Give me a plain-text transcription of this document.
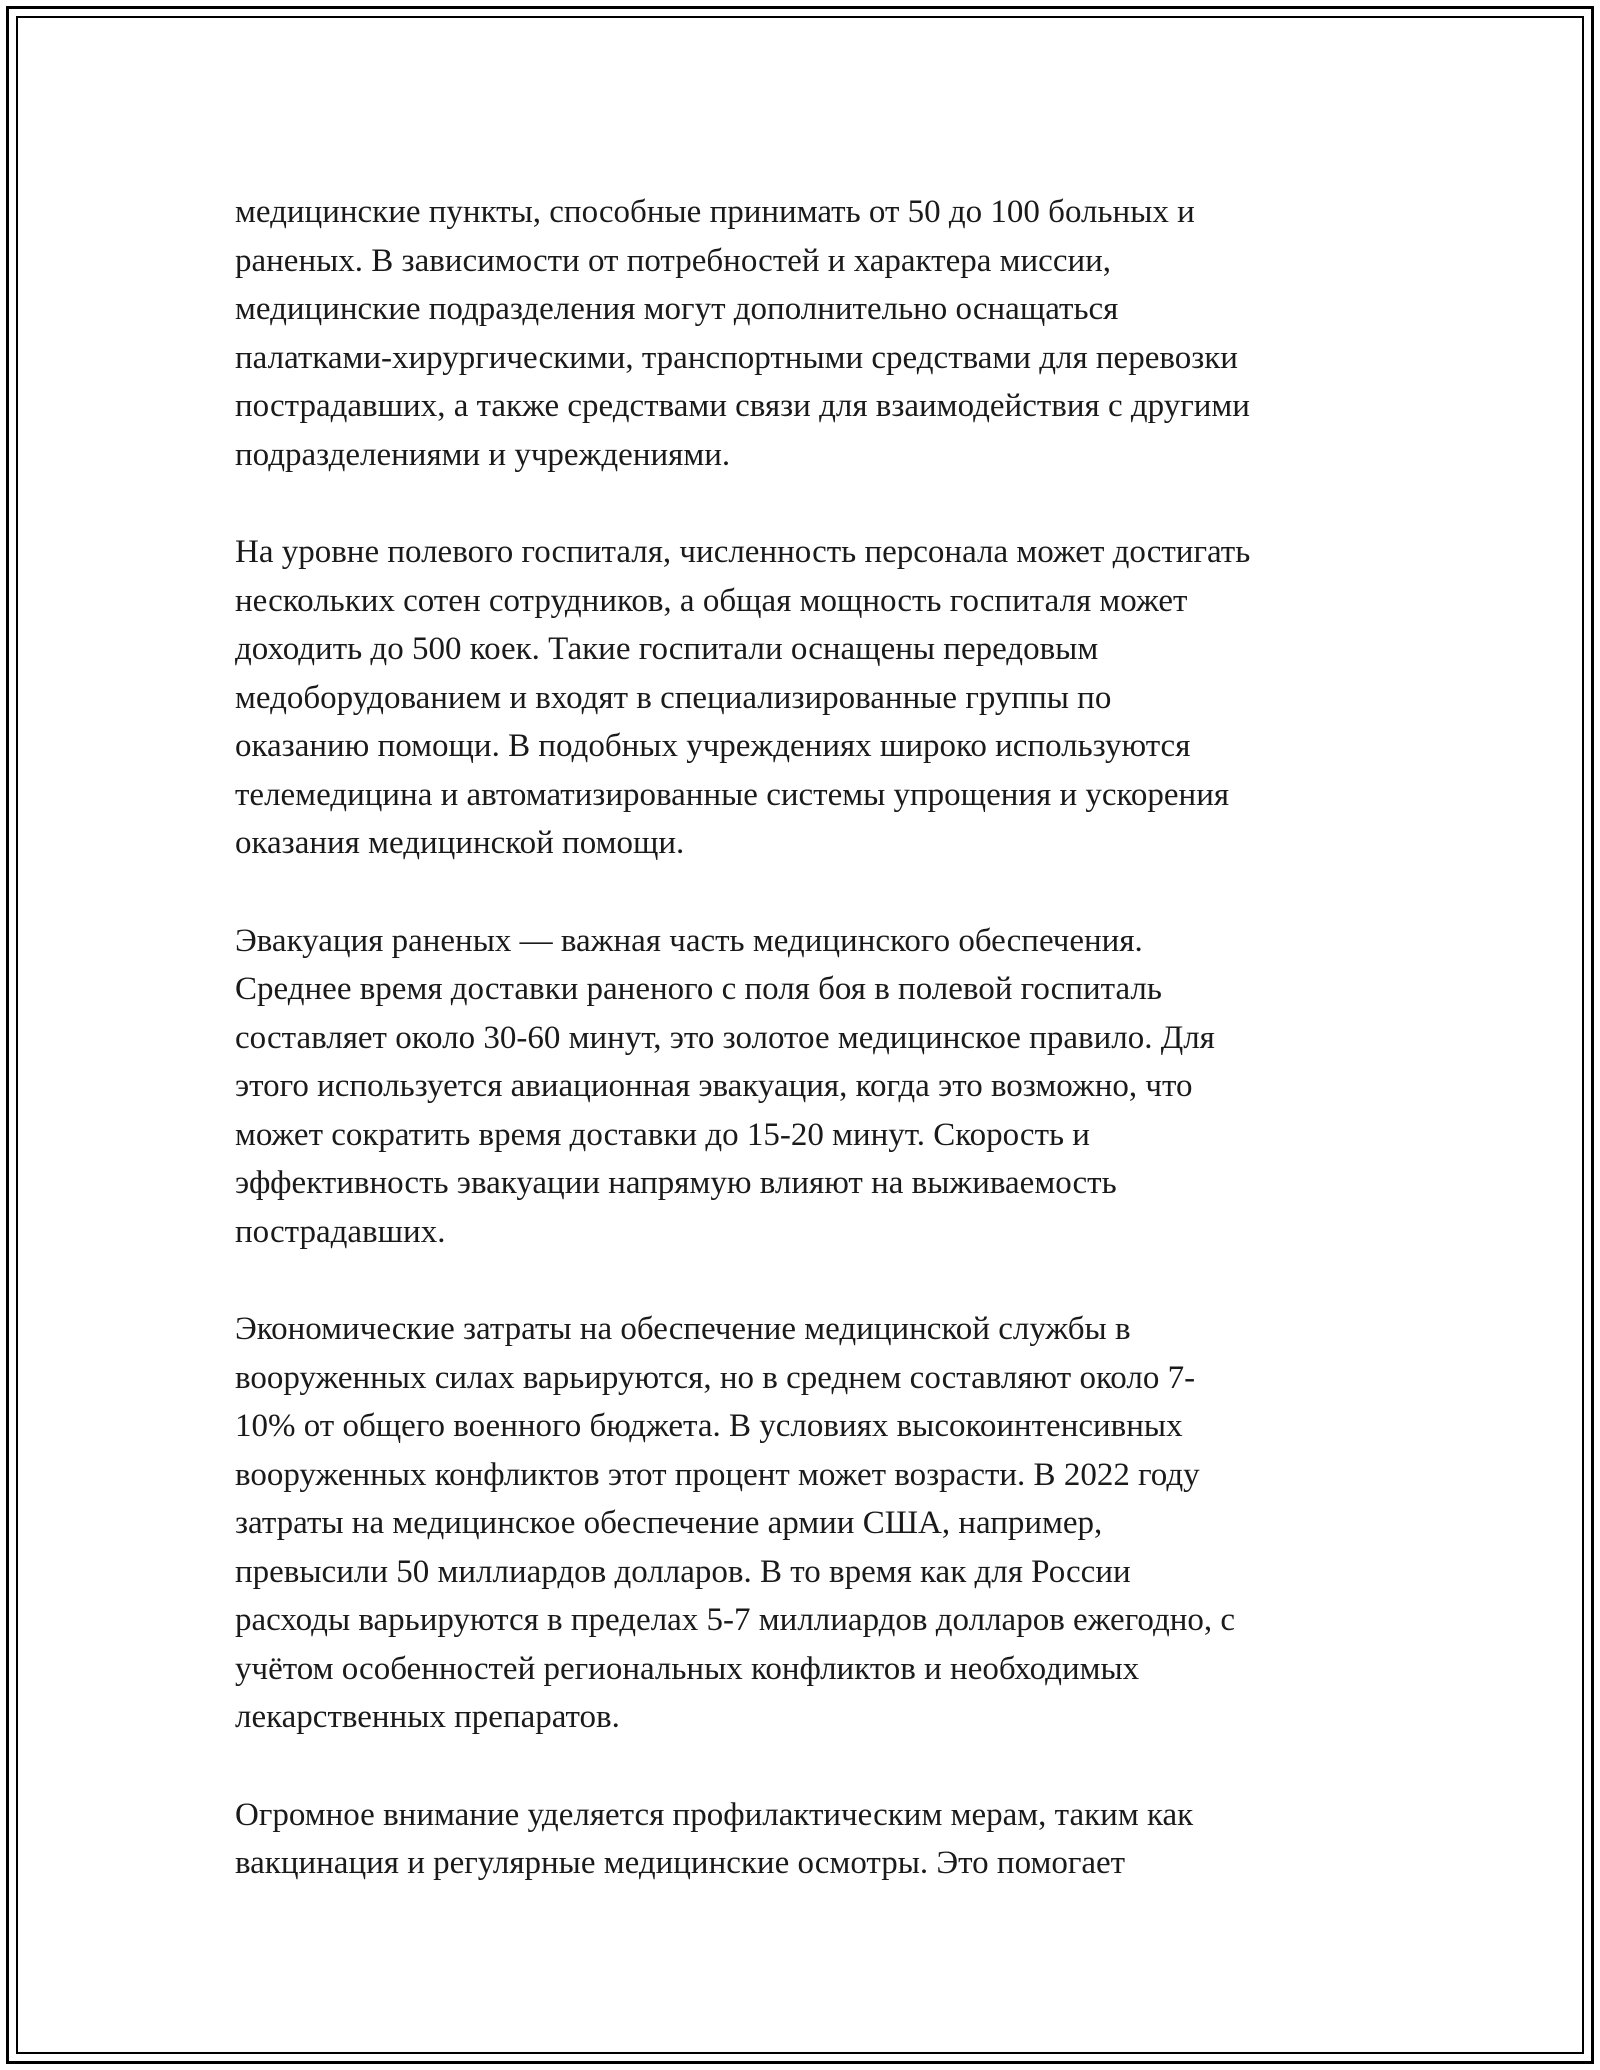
медицинские пункты, способные принимать от 50 до 100 больных и
раненых. В зависимости от потребностей и характера миссии,
медицинские подразделения могут дополнительно оснащаться
палатками-хирургическими, транспортными средствами для перевозки
пострадавших, а также средствами связи для взаимодействия с другими
подразделениями и учреждениями.

На уровне полевого госпиталя, численность персонала может достигать
нескольких сотен сотрудников, а общая мощность госпиталя может
доходить до 500 коек. Такие госпитали оснащены передовым
медоборудованием и входят в специализированные группы по
оказанию помощи. В подобных учреждениях широко используются
телемедицина и автоматизированные системы упрощения и ускорения
оказания медицинской помощи.

Эвакуация раненых — важная часть медицинского обеспечения.
Среднее время доставки раненого с поля боя в полевой госпиталь
составляет около 30-60 минут, это золотое медицинское правило. Для
этого используется авиационная эвакуация, когда это возможно, что
может сократить время доставки до 15-20 минут. Скорость и
эффективность эвакуации напрямую влияют на выживаемость
пострадавших.

Экономические затраты на обеспечение медицинской службы в
вооруженных силах варьируются, но в среднем составляют около 7-
10% от общего военного бюджета. В условиях высокоинтенсивных
вооруженных конфликтов этот процент может возрасти. В 2022 году
затраты на медицинское обеспечение армии США, например,
превысили 50 миллиардов долларов. В то время как для России
расходы варьируются в пределах 5-7 миллиардов долларов ежегодно, с
учётом особенностей региональных конфликтов и необходимых
лекарственных препаратов.

Огромное внимание уделяется профилактическим мерам, таким как
вакцинация и регулярные медицинские осмотры. Это помогает
